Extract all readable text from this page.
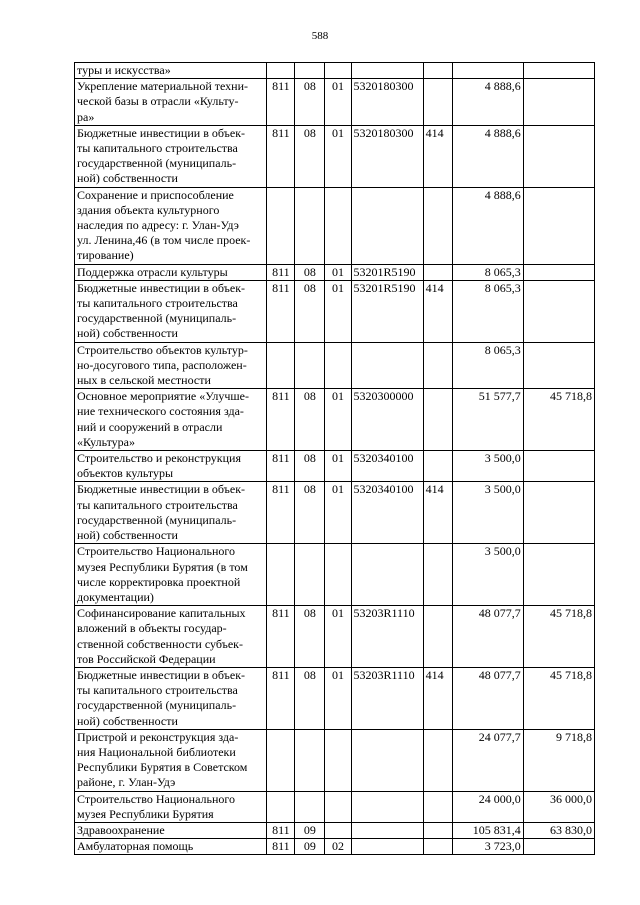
588
туры и искусства»							
Укрепление материальной техни-
ческой базы в отрасли «Культу-
ра»	811	08	01	5320180300		4 888,6	
Бюджетные инвестиции в объек-
ты капитального строительства
государственной (муниципаль-
ной) собственности	811	08	01	5320180300	414	4 888,6	
Сохранение и приспособление
здания объекта культурного
наследия по адресу: г. Улан-Удэ
ул. Ленина,46 (в том числе проек-
тирование)						4 888,6	
Поддержка отрасли культуры	811	08	01	53201R5190		8 065,3	
Бюджетные инвестиции в объек-
ты капитального строительства
государственной (муниципаль-
ной) собственности	811	08	01	53201R5190	414	8 065,3	
Строительство объектов культур-
но-досугового типа, расположен-
ных в сельской местности						8 065,3	
Основное мероприятие «Улучше-
ние технического состояния зда-
ний и сооружений в отрасли
«Культура»	811	08	01	5320300000		51 577,7	45 718,8
Строительство и реконструкция
объектов культуры	811	08	01	5320340100		3 500,0	
Бюджетные инвестиции в объек-
ты капитального строительства
государственной (муниципаль-
ной) собственности	811	08	01	5320340100	414	3 500,0	
Строительство Национального
музея Республики Бурятия (в том
числе корректировка проектной
документации)						3 500,0	
Софинансирование капитальных
вложений в объекты государ-
ственной собственности субъек-
тов Российской Федерации	811	08	01	53203R1110		48 077,7	45 718,8
Бюджетные инвестиции в объек-
ты капитального строительства
государственной (муниципаль-
ной) собственности	811	08	01	53203R1110	414	48 077,7	45 718,8
Пристрой и реконструкция зда-
ния Национальной библиотеки
Республики Бурятия в Советском
районе, г. Улан-Удэ						24 077,7	9 718,8
Строительство Национального
музея Республики Бурятия						24 000,0	36 000,0
Здравоохранение	811	09				105 831,4	63 830,0
Амбулаторная помощь	811	09	02			3 723,0	
